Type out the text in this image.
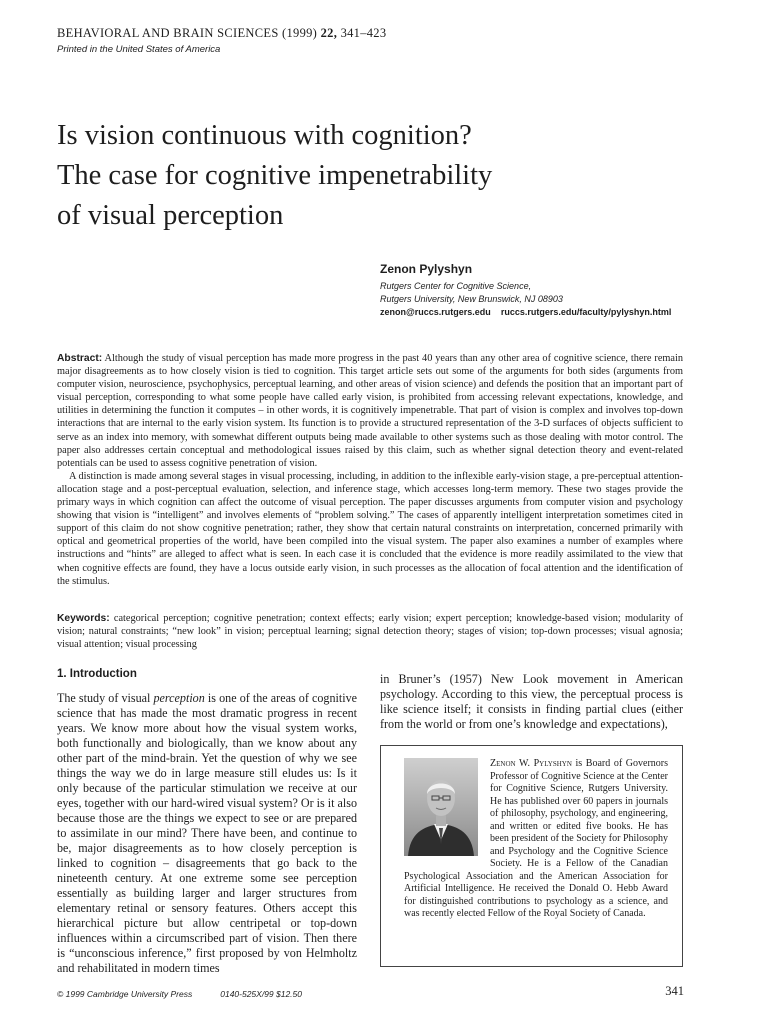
BEHAVIORAL AND BRAIN SCIENCES (1999) 22, 341–423
Printed in the United States of America
Is vision continuous with cognition?
The case for cognitive impenetrability
of visual perception
Zenon Pylyshyn
Rutgers Center for Cognitive Science,
Rutgers University, New Brunswick, NJ 08903
zenon@ruccs.rutgers.edu ruccs.rutgers.edu/faculty/pylyshyn.html

Abstract: Although the study of visual perception has made more progress in the past 40 years than any other area of cognitive science, there remain major disagreements as to how closely vision is tied to cognition. This target article sets out some of the arguments for both sides (arguments from computer vision, neuroscience, psychophysics, perceptual learning, and other areas of vision science) and defends the position that an important part of visual perception, corresponding to what some people have called early vision, is prohibited from accessing relevant expectations, knowledge, and utilities in determining the function it computes – in other words, it is cognitively impenetrable. That part of vision is complex and involves top-down interactions that are internal to the early vision system. Its function is to provide a structured representation of the 3-D surfaces of objects sufficient to serve as an index into memory, with somewhat different outputs being made available to other systems such as those dealing with motor control. The paper also addresses certain conceptual and methodological issues raised by this claim, such as whether signal detection theory and event-related potentials can be used to assess cognitive penetration of vision.

A distinction is made among several stages in visual processing, including, in addition to the inflexible early-vision stage, a pre-perceptual attention-allocation stage and a post-perceptual evaluation, selection, and inference stage, which accesses long-term memory. These two stages provide the primary ways in which cognition can affect the outcome of visual perception. The paper discusses arguments from computer vision and psychology showing that vision is “intelligent” and involves elements of “problem solving.” The cases of apparently intelligent interpretation sometimes cited in support of this claim do not show cognitive penetration; rather, they show that certain natural constraints on interpretation, concerned primarily with optical and geometrical properties of the world, have been compiled into the visual system. The paper also examines a number of examples where instructions and “hints” are alleged to affect what is seen. In each case it is concluded that the evidence is more readily assimilated to the view that when cognitive effects are found, they have a locus outside early vision, in such processes as the allocation of focal attention and the identification of the stimulus.

Keywords: categorical perception; cognitive penetration; context effects; early vision; expert perception; knowledge-based vision; modularity of vision; natural constraints; “new look” in vision; perceptual learning; signal detection theory; stages of vision; top-down processes; visual agnosia; visual attention; visual processing

1. Introduction

The study of visual perception is one of the areas of cognitive science that has made the most dramatic progress in recent years. We know more about how the visual system works, both functionally and biologically, than we know about any other part of the mind-brain. Yet the question of why we see things the way we do in large measure still eludes us: Is it only because of the particular stimulation we receive at our eyes, together with our hard-wired visual system? Or is it also because those are the things we expect to see or are prepared to assimilate in our mind? There have been, and continue to be, major disagreements as to how closely perception is linked to cognition – disagreements that go back to the nineteenth century. At one extreme some see perception essentially as building larger and larger structures from elementary retinal or sensory features. Others accept this hierarchical picture but allow centripetal or top-down influences within a circumscribed part of vision. Then there is “unconscious inference,” first proposed by von Helmholtz and rehabilitated in modern times

in Bruner’s (1957) New Look movement in American psychology. According to this view, the perceptual process is like science itself; it consists in finding partial clues (either from the world or from one’s knowledge and expectations),

Zenon W. Pylyshyn is Board of Governors Professor of Cognitive Science at the Center for Cognitive Science, Rutgers University. He has published over 60 papers in journals of philosophy, psychology, and engineering, and written or edited five books. He has been president of the Society for Philosophy and Psychology and the Cognitive Science Society. He is a Fellow of the Canadian Psychological Association and the American Association for Artificial Intelligence. He received the Donald O. Hebb Award for distinguished contributions to psychology as a science, and was recently elected Fellow of the Royal Society of Canada.

© 1999 Cambridge University Press	0140-525X/99 $12.50	341
